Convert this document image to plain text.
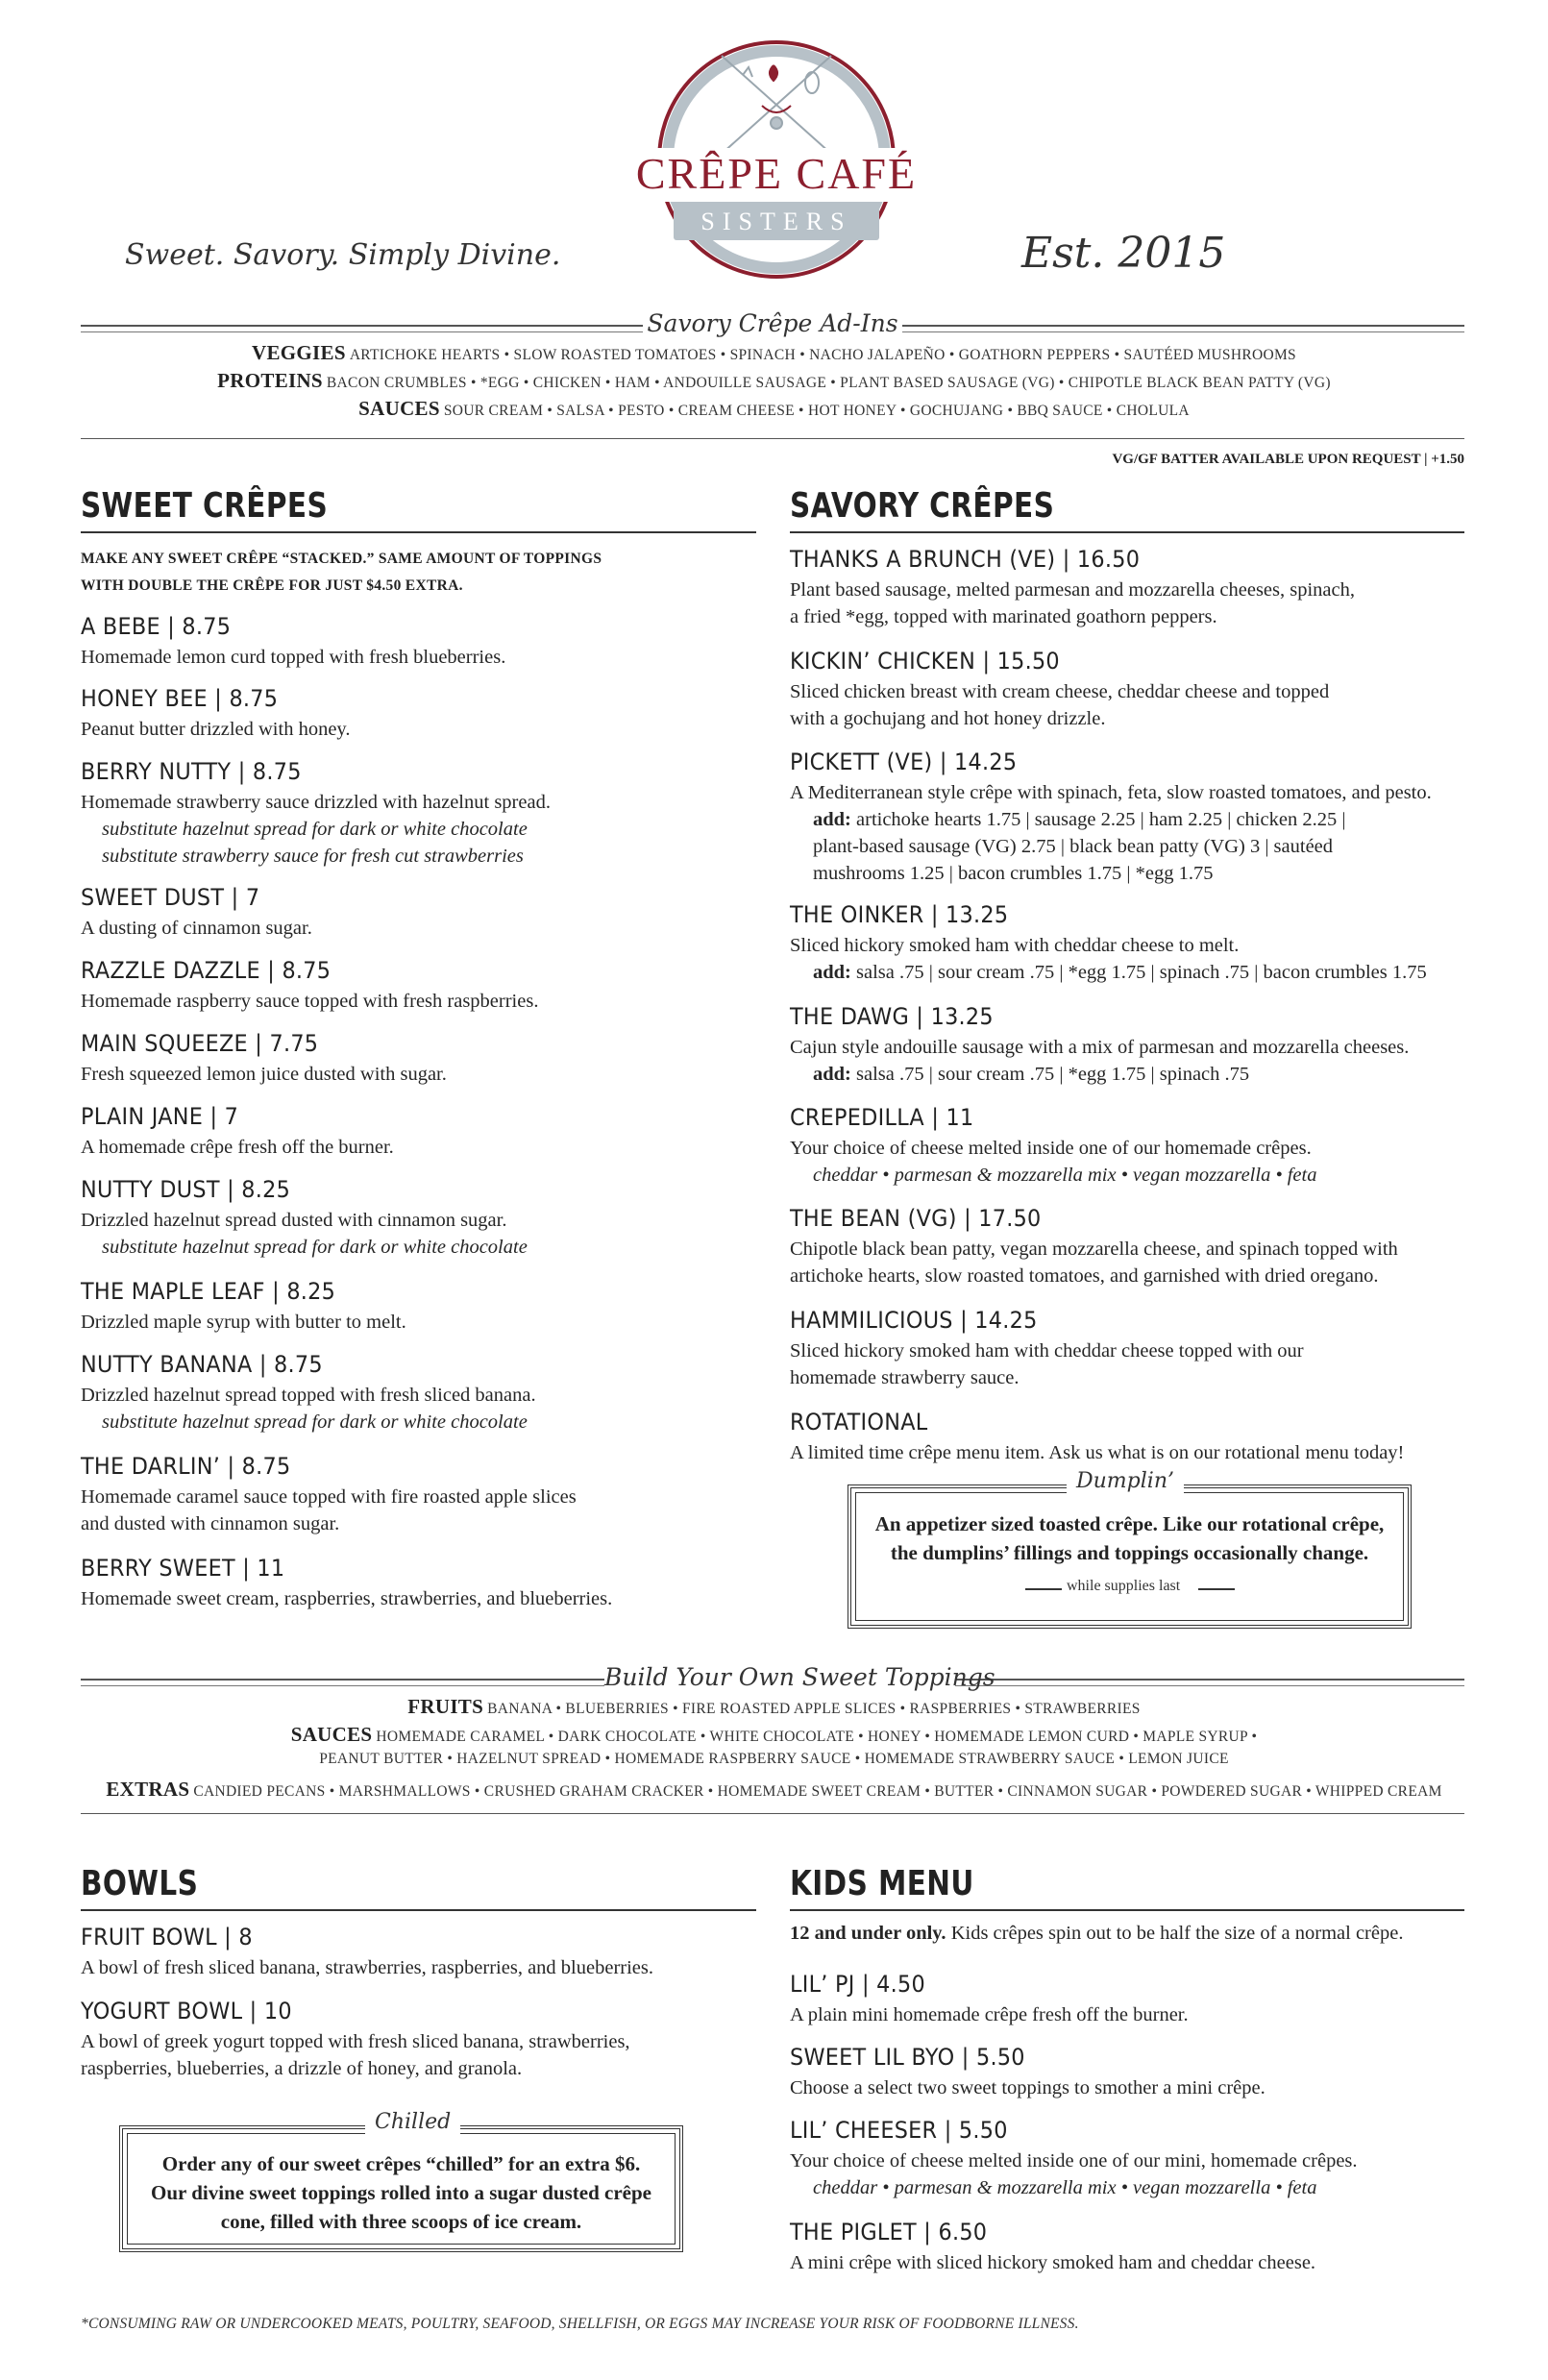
CRÊPE CAFÉ
SISTERS
Sweet. Savory. Simply Divine.	Est. 2015
Savory Crêpe Ad-Ins
VEGGIES ARTICHOKE HEARTS • SLOW ROASTED TOMATOES • SPINACH • NACHO JALAPEÑO • GOATHORN PEPPERS • SAUTÉED MUSHROOMS
PROTEINS BACON CRUMBLES • *EGG • CHICKEN • HAM • ANDOUILLE SAUSAGE • PLANT BASED SAUSAGE (VG) • CHIPOTLE BLACK BEAN PATTY (VG)
SAUCES SOUR CREAM • SALSA • PESTO • CREAM CHEESE • HOT HONEY • GOCHUJANG • BBQ SAUCE • CHOLULA
VG/GF BATTER AVAILABLE UPON REQUEST | +1.50
SWEET CRÊPES
MAKE ANY SWEET CRÊPE “STACKED.” SAME AMOUNT OF TOPPINGS WITH DOUBLE THE CRÊPE FOR JUST $4.50 EXTRA.
SAVORY CRÊPES
Dumplin’
An appetizer sized toasted crêpe. Like our rotational crêpe,
the dumplins’ fillings and toppings occasionally change.
while supplies last
Build Your Own Sweet Toppings
FRUITS BANANA • BLUEBERRIES • FIRE ROASTED APPLE SLICES • RASPBERRIES • STRAWBERRIES
SAUCES HOMEMADE CARAMEL • DARK CHOCOLATE • WHITE CHOCOLATE • HONEY • HOMEMADE LEMON CURD • MAPLE SYRUP •
PEANUT BUTTER • HAZELNUT SPREAD • HOMEMADE RASPBERRY SAUCE • HOMEMADE STRAWBERRY SAUCE • LEMON JUICE
EXTRAS CANDIED PECANS • MARSHMALLOWS • CRUSHED GRAHAM CRACKER • HOMEMADE SWEET CREAM • BUTTER • CINNAMON SUGAR • POWDERED SUGAR • WHIPPED CREAM
BOWLS
FRUIT BOWL | 8
A bowl of fresh sliced banana, strawberries, raspberries, and blueberries.
YOGURT BOWL | 10
A bowl of greek yogurt topped with fresh sliced banana, strawberries,
raspberries, blueberries, a drizzle of honey, and granola.
Chilled
Order any of our sweet crêpes “chilled” for an extra $6.
Our divine sweet toppings rolled into a sugar dusted crêpe
cone, filled with three scoops of ice cream.
KIDS MENU
12 and under only. Kids crêpes spin out to be half the size of a normal crêpe.
*CONSUMING RAW OR UNDERCOOKED MEATS, POULTRY, SEAFOOD, SHELLFISH, OR EGGS MAY INCREASE YOUR RISK OF FOODBORNE ILLNESS.
A BEBE | 8.75
Homemade lemon curd topped with fresh blueberries.
HONEY BEE | 8.75
Peanut butter drizzled with honey.
BERRY NUTTY | 8.75
Homemade strawberry sauce drizzled with hazelnut spread.
substitute hazelnut spread for dark or white chocolate
substitute strawberry sauce for fresh cut strawberries
SWEET DUST | 7
A dusting of cinnamon sugar.
RAZZLE DAZZLE | 8.75
Homemade raspberry sauce topped with fresh raspberries.
MAIN SQUEEZE | 7.75
Fresh squeezed lemon juice dusted with sugar.
PLAIN JANE | 7
A homemade crêpe fresh off the burner.
NUTTY DUST | 8.25
Drizzled hazelnut spread dusted with cinnamon sugar.
substitute hazelnut spread for dark or white chocolate
THE MAPLE LEAF | 8.25
Drizzled maple syrup with butter to melt.
NUTTY BANANA | 8.75
Drizzled hazelnut spread topped with fresh sliced banana.
substitute hazelnut spread for dark or white chocolate
THE DARLIN’ | 8.75
Homemade caramel sauce topped with fire roasted apple slices
and dusted with cinnamon sugar.
BERRY SWEET | 11
Homemade sweet cream, raspberries, strawberries, and blueberries.
THANKS A BRUNCH (VE) | 16.50
Plant based sausage, melted parmesan and mozzarella cheeses, spinach,
a fried *egg, topped with marinated goathorn peppers.
KICKIN’ CHICKEN | 15.50
Sliced chicken breast with cream cheese, cheddar cheese and topped
with a gochujang and hot honey drizzle.
PICKETT (VE) | 14.25
A Mediterranean style crêpe with spinach, feta, slow roasted tomatoes, and pesto.
add: artichoke hearts 1.75 | sausage 2.25 | ham 2.25 | chicken 2.25 |
plant-based sausage (VG) 2.75 | black bean patty (VG) 3 | sautéed
mushrooms 1.25 | bacon crumbles 1.75 | *egg 1.75
THE OINKER | 13.25
Sliced hickory smoked ham with cheddar cheese to melt.
add: salsa .75 | sour cream .75 | *egg 1.75 | spinach .75 | bacon crumbles 1.75
THE DAWG | 13.25
Cajun style andouille sausage with a mix of parmesan and mozzarella cheeses.
add: salsa .75 | sour cream .75 | *egg 1.75 | spinach .75
CREPEDILLA | 11
Your choice of cheese melted inside one of our homemade crêpes.
cheddar • parmesan & mozzarella mix • vegan mozzarella • feta
THE BEAN (VG) | 17.50
Chipotle black bean patty, vegan mozzarella cheese, and spinach topped with
artichoke hearts, slow roasted tomatoes, and garnished with dried oregano.
HAMMILICIOUS | 14.25
Sliced hickory smoked ham with cheddar cheese topped with our
homemade strawberry sauce.
ROTATIONAL
A limited time crêpe menu item. Ask us what is on our rotational menu today!
LIL’ PJ | 4.50
A plain mini homemade crêpe fresh off the burner.
SWEET LIL BYO | 5.50
Choose a select two sweet toppings to smother a mini crêpe.
LIL’ CHEESER | 5.50
Your choice of cheese melted inside one of our mini, homemade crêpes.
cheddar • parmesan & mozzarella mix • vegan mozzarella • feta
THE PIGLET | 6.50
A mini crêpe with sliced hickory smoked ham and cheddar cheese.
